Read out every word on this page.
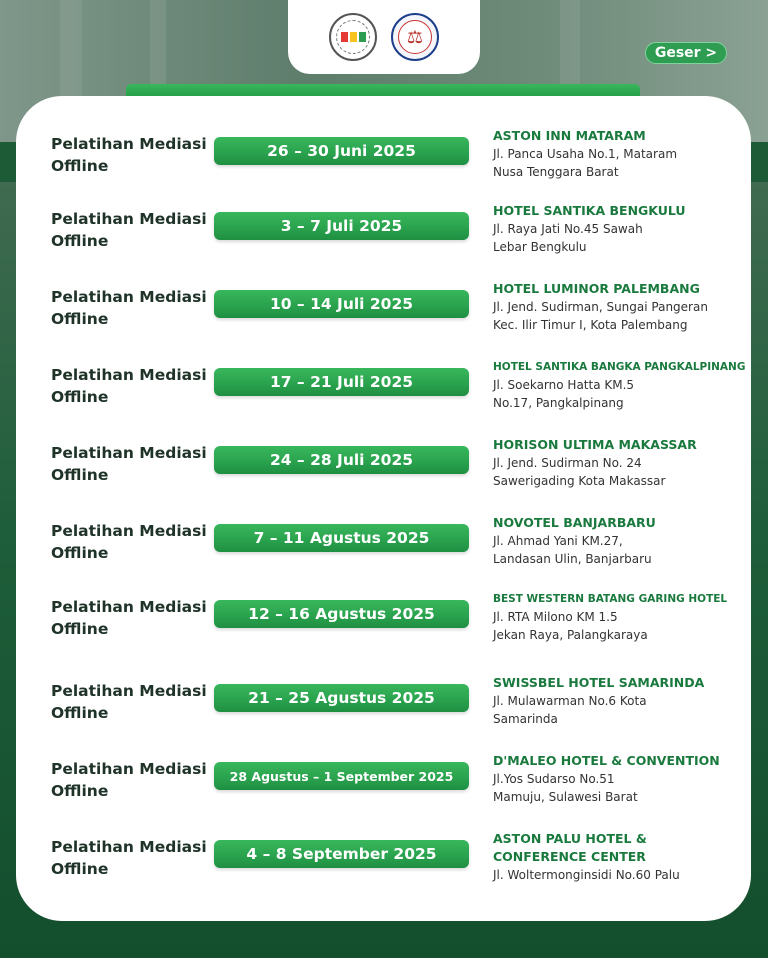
⚖
Geser >
Pelatihan Mediasi Offline
26 – 30 Juni 2025
ASTON INN MATARAM
Jl. Panca Usaha No.1, Mataram
Nusa Tenggara Barat
Pelatihan Mediasi Offline
3 – 7 Juli 2025
HOTEL SANTIKA BENGKULU
Jl. Raya Jati No.45 Sawah
Lebar Bengkulu
Pelatihan Mediasi Offline
10 – 14 Juli 2025
HOTEL LUMINOR PALEMBANG
Jl. Jend. Sudirman, Sungai Pangeran
Kec. Ilir Timur I, Kota Palembang
Pelatihan Mediasi Offline
17 – 21 Juli 2025
HOTEL SANTIKA BANGKA PANGKALPINANG
Jl. Soekarno Hatta KM.5
No.17, Pangkalpinang
Pelatihan Mediasi Offline
24 – 28 Juli 2025
HORISON ULTIMA MAKASSAR
Jl. Jend. Sudirman No. 24
Sawerigading Kota Makassar
Pelatihan Mediasi Offline
7 – 11 Agustus 2025
NOVOTEL BANJARBARU
Jl. Ahmad Yani KM.27,
Landasan Ulin, Banjarbaru
Pelatihan Mediasi Offline
12 – 16 Agustus 2025
BEST WESTERN BATANG GARING HOTEL
Jl. RTA Milono KM 1.5
Jekan Raya, Palangkaraya
Pelatihan Mediasi Offline
21 – 25 Agustus 2025
SWISSBEL HOTEL SAMARINDA
Jl. Mulawarman No.6 Kota
Samarinda
Pelatihan Mediasi Offline
28 Agustus – 1 September 2025
D'MALEO HOTEL & CONVENTION
Jl.Yos Sudarso No.51
Mamuju, Sulawesi Barat
Pelatihan Mediasi Offline
4 – 8 September 2025
ASTON PALU HOTEL & CONFERENCE CENTER
Jl. Woltermonginsidi No.60 Palu
